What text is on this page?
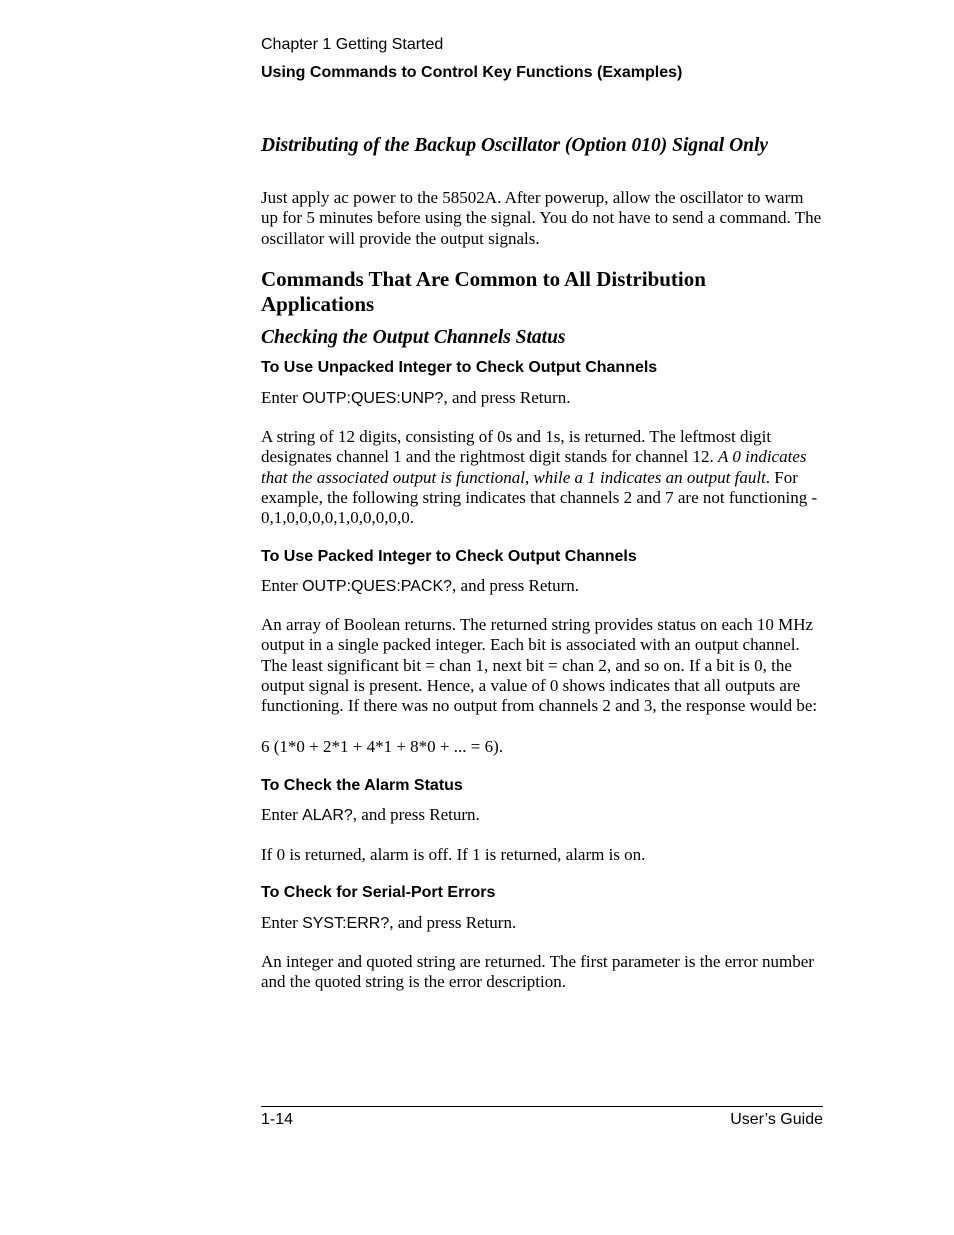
Chapter 1 Getting Started

Using Commands to Control Key Functions (Examples)

Distributing of the Backup Oscillator (Option 010) Signal Only

Just apply ac power to the 58502A. After powerup, allow the oscillator to warm up for 5 minutes before using the signal. You do not have to send a command. The oscillator will provide the output signals.

Commands That Are Common to All Distribution Applications
Checking the Output Channels Status
To Use Unpacked Integer to Check Output Channels

Enter OUTP:QUES:UNP?, and press Return.

A string of 12 digits, consisting of 0s and 1s, is returned. The leftmost digit designates channel 1 and the rightmost digit stands for channel 12. A 0 indicates that the associated output is functional, while a 1 indicates an output fault. For example, the following string indicates that channels 2 and 7 are not functioning - 0,1,0,0,0,0,1,0,0,0,0,0.

To Use Packed Integer to Check Output Channels

Enter OUTP:QUES:PACK?, and press Return.

An array of Boolean returns. The returned string provides status on each 10 MHz output in a single packed integer. Each bit is associated with an output channel. The least significant bit = chan 1, next bit = chan 2, and so on. If a bit is 0, the output signal is present. Hence, a value of 0 shows indicates that all outputs are functioning. If there was no output from channels 2 and 3, the response would be:

6 (1*0 + 2*1 + 4*1 + 8*0 + ... = 6).

To Check the Alarm Status

Enter ALAR?, and press Return.

If 0 is returned, alarm is off. If 1 is returned, alarm is on.

To Check for Serial-Port Errors

Enter SYST:ERR?, and press Return.

An integer and quoted string are returned. The first parameter is the error number and the quoted string is the error description.

1-14	User’s Guide
